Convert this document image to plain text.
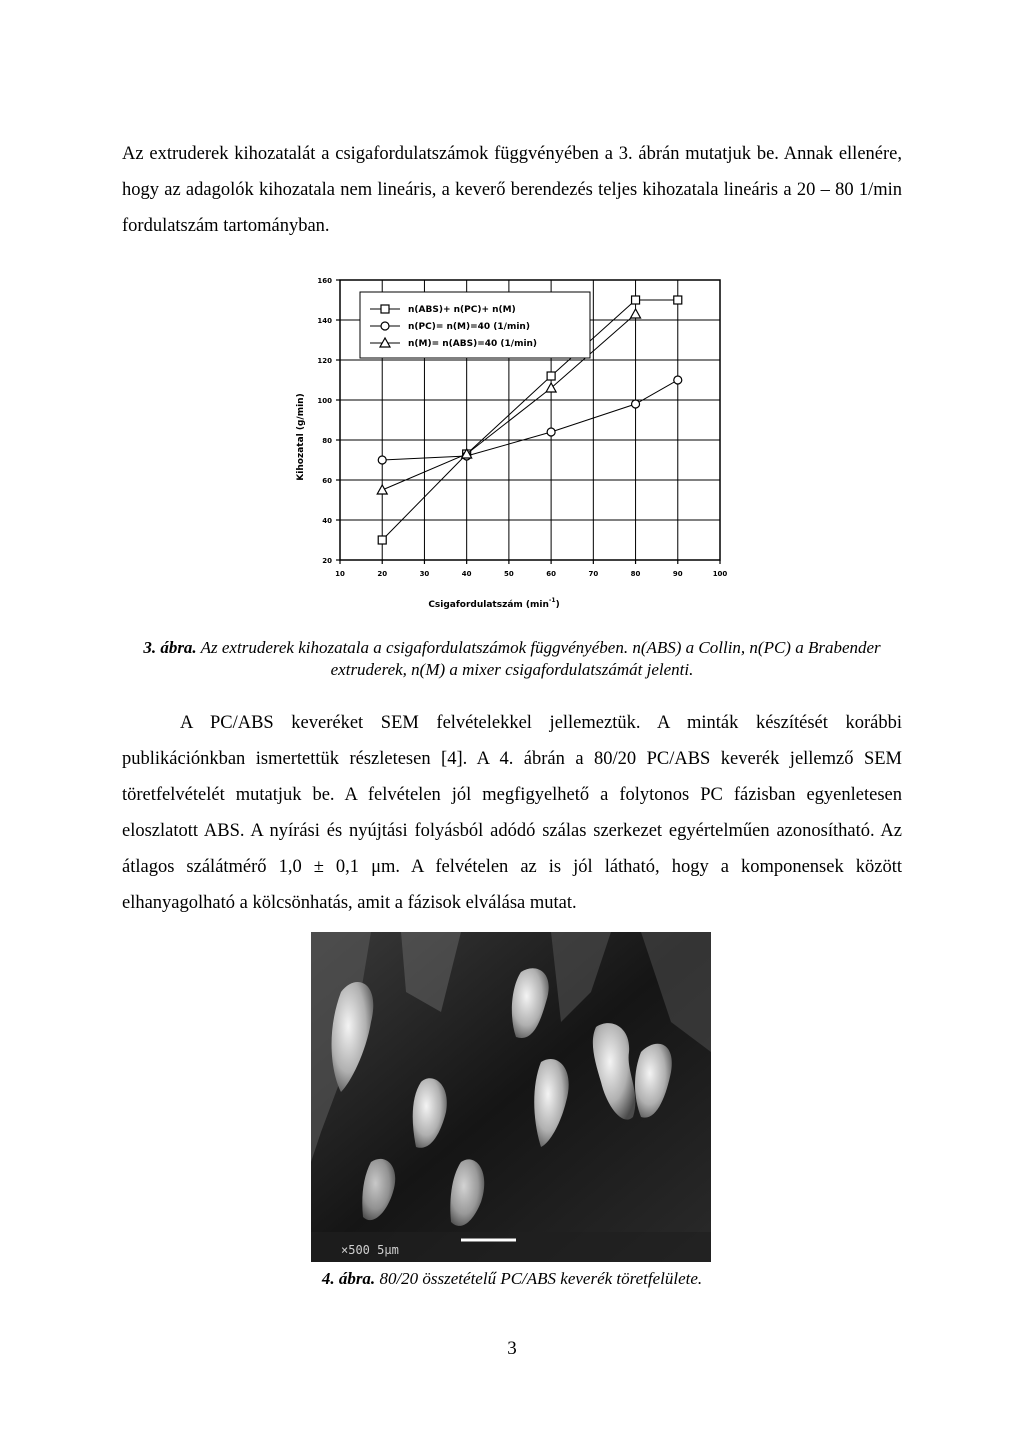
Az extruderek kihozatalát a csigafordulatszámok függvényében a 3. ábrán mutatjuk be. Annak ellenére, hogy az adagolók kihozatala nem lineáris, a keverő berendezés teljes kihozatala lineáris a 20 – 80 1/min fordulatszám tartományban.

10	20	30	40	50	60	70	80	90	100
20
40
60
80
100
120
140
160
n(ABS)+ n(PC)+ n(M)
n(PC)= n(M)=40 (1/min)
n(M)= n(ABS)=40 (1/min)
Kihozatal (g/min)
Csigafordulatszám $(\min^{-1})$
3. ábra. Az extruderek kihozatala a csigafordulatszámok függvényében. n(ABS) a Collin, n(PC) a Brabender extruderek, n(M) a mixer csigafordulatszámát jelenti.

A PC/ABS keveréket SEM felvételekkel jellemeztük. A minták készítését korábbi publikációnkban ismertettük részletesen [4]. A 4. ábrán a 80/20 PC/ABS keverék jellemző SEM töretfelvételét mutatjuk be. A felvételen jól megfigyelhető a folytonos PC fázisban egyenletesen eloszlatott ABS. A nyírási és nyújtási folyásból adódó szálas szerkezet egyértelműen azonosítható. Az átlagos szálátmérő 1,0 ± 0,1 μm. A felvételen az is jól látható, hogy a komponensek között elhanyagolható a kölcsönhatás, amit a fázisok elválása mutat.

×500 5μm
4. ábra. 80/20 összetételű PC/ABS keverék töretfelülete.
3
